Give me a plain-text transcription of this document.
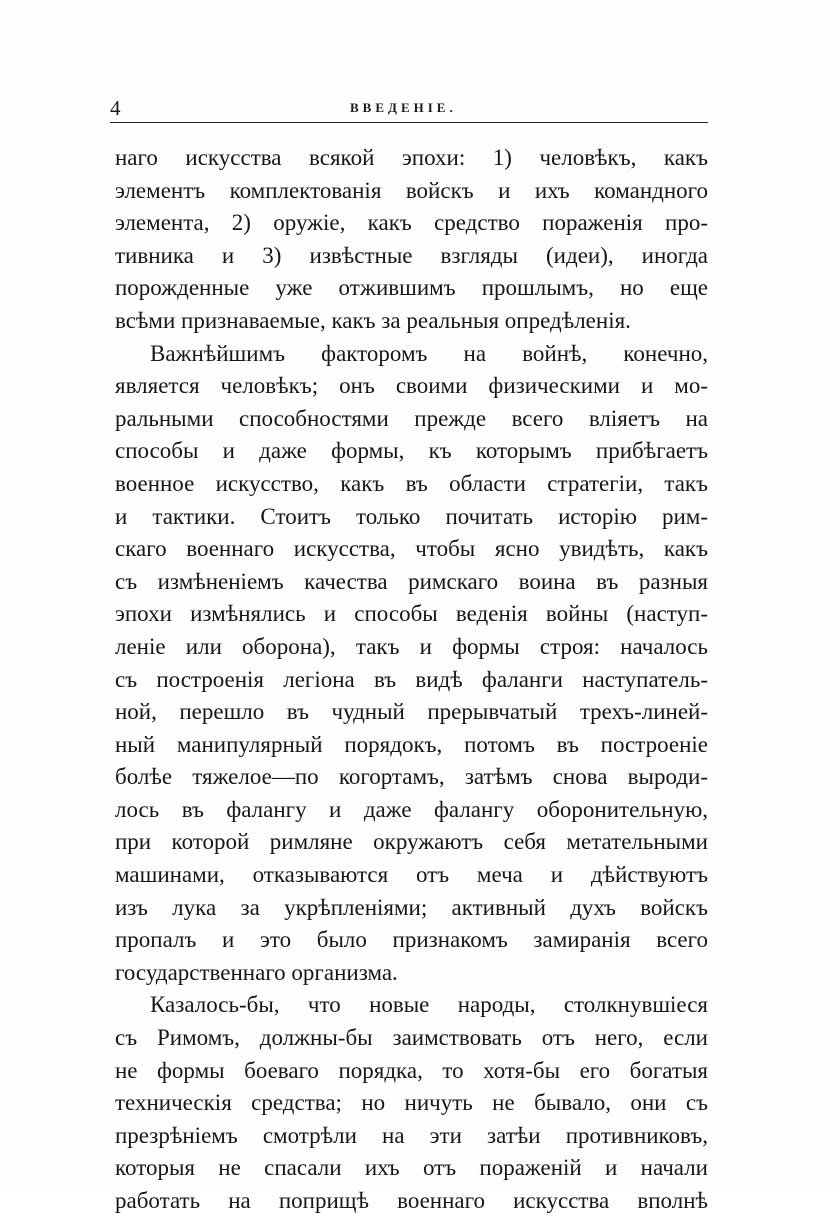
4	ВВЕДЕНІЕ.
наго искусства всякой эпохи: 1) человѣкъ, какъ
элементъ комплектованія войскъ и ихъ командного
элемента, 2) оружіе, какъ средство пораженія про-
тивника и 3) извѣстные взгляды (идеи), иногда
порожденные уже отжившимъ прошлымъ, но еще
всѣми признаваемые, какъ за реальныя опредѣленія.
Важнѣйшимъ факторомъ на войнѣ, конечно,
является человѣкъ; онъ своими физическими и мо-
ральными способностями прежде всего вліяетъ на
способы и даже формы, къ которымъ прибѣгаетъ
военное искусство, какъ въ области стратегіи, такъ
и тактики. Стоитъ только почитать исторію рим-
скаго военнаго искусства, чтобы ясно увидѣть, какъ
съ измѣненіемъ качества римскаго воина въ разныя
эпохи измѣнялись и способы веденія войны (наступ-
леніе или оборона), такъ и формы строя: началось
съ построенія легіона въ видѣ фаланги наступатель-
ной, перешло въ чудный прерывчатый трехъ-линей-
ный манипулярный порядокъ, потомъ въ построеніе
болѣе тяжелое—по когортамъ, затѣмъ снова выроди-
лось въ фалангу и даже фалангу оборонительную,
при которой римляне окружаютъ себя метательными
машинами, отказываются отъ меча и дѣйствуютъ
изъ лука за укрѣпленіями; активный духъ войскъ
пропалъ и это было признакомъ замиранія всего
государственнаго организма.
Казалось-бы, что новые народы, столкнувшіеся
съ Римомъ, должны-бы заимствовать отъ него, если
не формы боеваго порядка, то хотя-бы его богатыя
техническія средства; но ничуть не бывало, они съ
презрѣніемъ смотрѣли на эти затѣи противниковъ,
которыя не спасали ихъ отъ пораженій и начали
работать на поприщѣ военнаго искусства вполнѣ
